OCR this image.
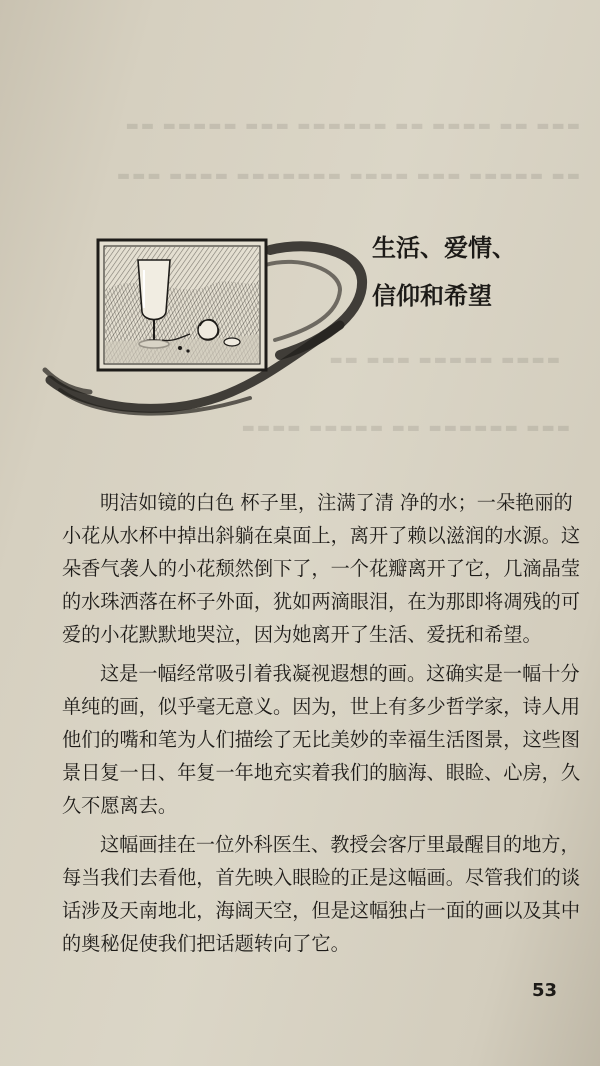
▬▬▬ ▬▬ ▬▬▬▬ ▬▬ ▬▬▬▬▬▬ ▬▬▬ ▬▬▬▬▬ ▬▬
▬▬ ▬▬▬▬▬ ▬▬▬ ▬▬▬▬ ▬▬▬▬▬▬▬ ▬▬▬▬ ▬▬▬
▬▬▬▬ ▬▬▬▬▬ ▬▬▬ ▬▬
▬▬▬ ▬▬▬▬▬▬ ▬▬ ▬▬▬▬▬ ▬▬▬▬
生活、爱情、
信仰和希望
明洁如镜的白色 杯子里，注满了清 净的水；一朵艳丽的
小花从水杯中掉出斜躺在桌面上，离开了赖以滋润的水源。这
朵香气袭人的小花颓然倒下了，一个花瓣离开了它，几滴晶莹
的水珠洒落在杯子外面，犹如两滴眼泪，在为那即将凋残的可
爱的小花默默地哭泣，因为她离开了生活、爱抚和希望。
这是一幅经常吸引着我凝视遐想的画。这确实是一幅十分
单纯的画，似乎毫无意义。因为，世上有多少哲学家，诗人用
他们的嘴和笔为人们描绘了无比美妙的幸福生活图景，这些图
景日复一日、年复一年地充实着我们的脑海、眼睑、心房，久
久不愿离去。
这幅画挂在一位外科医生、教授会客厅里最醒目的地方，
每当我们去看他，首先映入眼睑的正是这幅画。尽管我们的谈
话涉及天南地北，海阔天空，但是这幅独占一面的画以及其中
的奥秘促使我们把话题转向了它。
53
